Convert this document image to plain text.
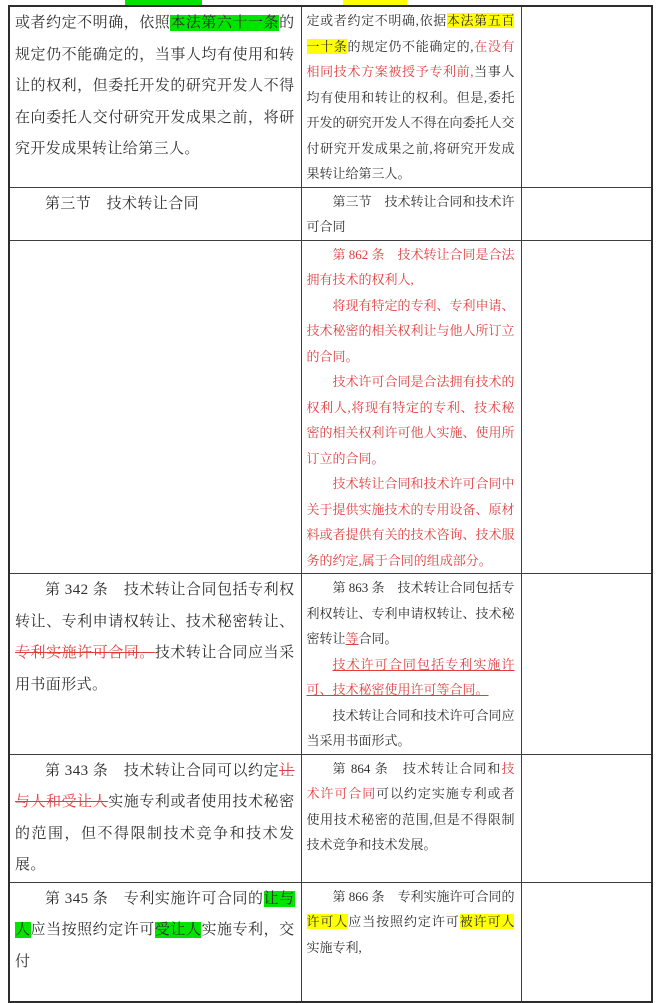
或者约定不明确，依照本法第六十一条的规定仍不能确定的，当事人均有使用和转让的权利，但委托开发的研究开发人不得在向委托人交付研究开发成果之前，将研究开发成果转让给第三人。	定或者约定不明确,依据本法第五百一十条的规定仍不能确定的,在没有相同技术方案被授予专利前,当事人均有使用和转让的权利。但是,委托开发的研究开发人不得在向委托人交付研究开发成果之前,将研究开发成果转让给第三人。	

第三节　技术转让合同	第三节　技术转让合同和技术许可合同	

	第 862 条　技术转让合同是合法拥有技术的权利人,

将现有特定的专利、专利申请、技术秘密的相关权利让与他人所订立的合同。

技术许可合同是合法拥有技术的权利人,将现有特定的专利、技术秘密的相关权利许可他人实施、使用所订立的合同。

技术转让合同和技术许可合同中关于提供实施技术的专用设备、原材料或者提供有关的技术咨询、技术服务的约定,属于合同的组成部分。	

第 342 条　技术转让合同包括专利权转让、专利申请权转让、技术秘密转让、专利实施许可合同。技术转让合同应当采用书面形式。	第 863 条　技术转让合同包括专利权转让、专利申请权转让、技术秘密转让等合同。

技术许可合同包括专利实施许可、技术秘密使用许可等合同。

技术转让合同和技术许可合同应当采用书面形式。	

第 343 条　技术转让合同可以约定让与人和受让人实施专利或者使用技术秘密的范围，但不得限制技术竞争和技术发展。	第 864 条　技术转让合同和技术许可合同可以约定实施专利或者使用技术秘密的范围,但是不得限制技术竞争和技术发展。	

第 345 条　专利实施许可合同的让与人应当按照约定许可受让人实施专利，交付	第 866 条　专利实施许可合同的许可人应当按照约定许可被许可人实施专利,	
